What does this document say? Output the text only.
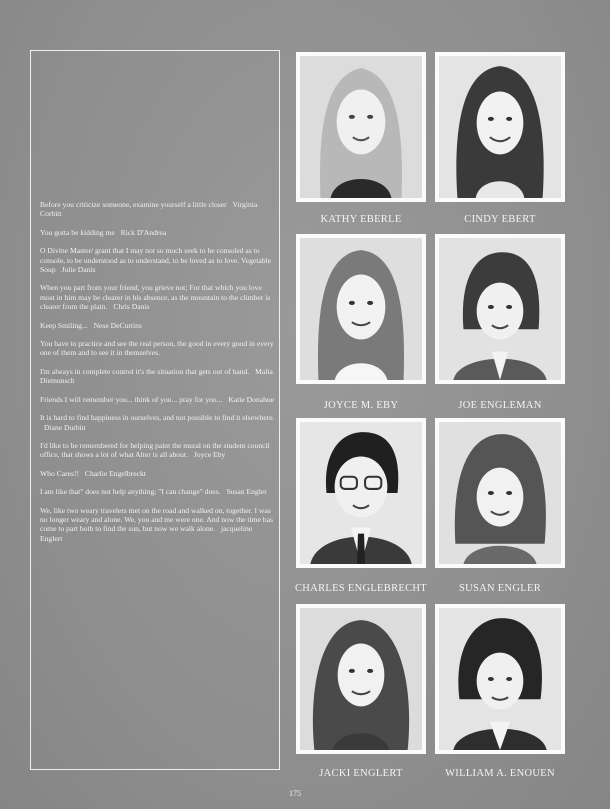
Before you criticize someone, examine yourself a little closer Virginia Corbitt
You gotta be kidding me Rick D'Andrea
O Divine Master/ grant that I may not so much seek to be consoled as to console, to be understood as to understand, to be loved as to love. Vegetable Soup Julie Danis
When you part from your friend, you grieve not; For that which you love most in him may be clearer in his absence, as the mountain to the climber is clearer from the plain. Chris Danis
Keep Smiling... Nese DeCurtins
You have to practice and see the real person, the good in every good in every one of them and to see it in themselves.
I'm always in complete control it's the situation that gets out of hand. Malia Diemunsch
Friends I will remember you... think of you... pray for you... Katie Donahue
It is hard to find happiness in ourselves, and not possible to find it elsewhere. Diane Durbin
I'd like to be remembered for helping paint the mural on the student council office, that shows a lot of what Alter is all about. Joyce Eby
Who Cares!! Charlie Engelbreckt
I am like that" does not help anything; "I can change" does. Susan Engler
We, like two weary travelers met on the road and walked on, together. I was no longer weary and alone. We, you and me were one. And now the time has come to part both to find the sun, but now we walk alone. jacqueline Englert
KATHY EBERLE	CINDY EBERT
JOYCE M. EBY	JOE ENGLEMAN
CHARLES ENGLEBRECHT	SUSAN ENGLER
JACKI ENGLERT	WILLIAM A. ENOUEN
175
